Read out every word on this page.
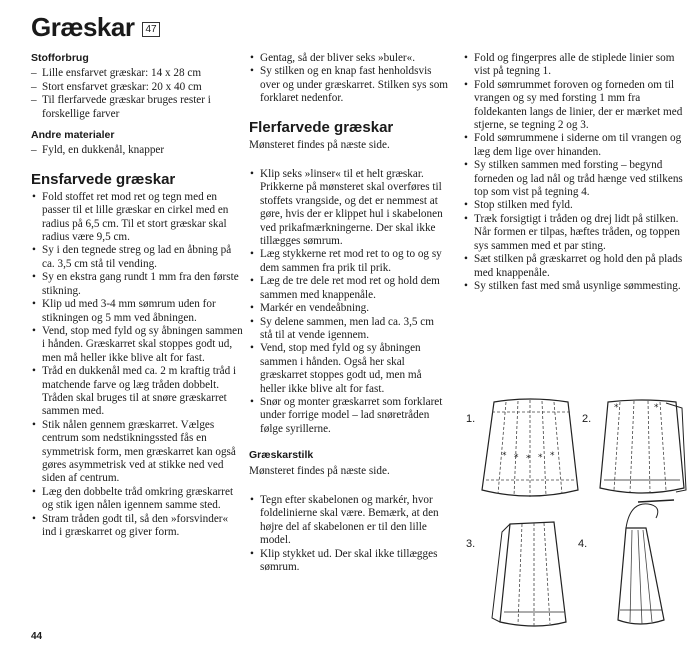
Græskar	47
Stofforbrug
– Lille ensfarvet græskar: 14 x 28 cm
– Stort ensfarvet græskar: 20 x 40 cm
– Til flerfarvede græskar bruges rester i forskellige farver
Andre materialer
– Fyld, en dukkenål, knapper
Ensfarvede græskar
• Fold stoffet ret mod ret og tegn med en passer til et lille græskar en cirkel med en radius på 6,5 cm. Til et stort græskar skal radius være 9,5 cm.
• Sy i den tegnede streg og lad en åbning på ca. 3,5 cm stå til vending.
• Sy en ekstra gang rundt 1 mm fra den første stikning.
• Klip ud med 3-4 mm sømrum uden for stikningen og 5 mm ved åbningen.
• Vend, stop med fyld og sy åbningen sammen i hånden. Græskarret skal stoppes godt ud, men må heller ikke blive alt for fast.
• Tråd en dukkenål med ca. 2 m kraftig tråd i matchende farve og læg tråden dobbelt. Tråden skal bruges til at snøre græskarret sammen med.
• Stik nålen gennem græskarret. Vælges centrum som nedstikningssted fås en symmetrisk form, men græskarret kan også gøres asymmetrisk ved at stikke ned ved siden af centrum.
• Læg den dobbelte tråd omkring græskarret og stik igen nålen igennem samme sted.
• Stram tråden godt til, så den »forsvinder« ind i græskarret og giver form.
• Gentag, så der bliver seks »buler«.
• Sy stilken og en knap fast henholdsvis over og under græskarret. Stilken sys som forklaret nedenfor.
Flerfarvede græskar
Mønsteret findes på næste side.
• Klip seks »linser« til et helt græskar. Prikkerne på mønsteret skal overføres til stoffets vrangside, og det er nemmest at gøre, hvis der er klippet hul i skabelonen ved prikafmærkningerne. Der skal ikke tillægges sømrum.
• Læg stykkerne ret mod ret to og to og sy dem sammen fra prik til prik.
• Læg de tre dele ret mod ret og hold dem sammen med knappenåle.
• Markér en vendeåbning.
• Sy delene sammen, men lad ca. 3,5 cm stå til at vende igennem.
• Vend, stop med fyld og sy åbningen sammen i hånden. Også her skal græskarret stoppes godt ud, men må heller ikke blive alt for fast.
• Snør og monter græskarret som forklaret under forrige model – lad snøretråden følge syrillerne.
Græskarstilk
Mønsteret findes på næste side.
• Tegn efter skabelonen og markér, hvor foldelinierne skal være. Bemærk, at den højre del af skabelonen er til den lille model.
• Klip stykket ud. Der skal ikke tillægges sømrum.
• Fold og fingerpres alle de stiplede linier som vist på tegning 1.
• Fold sømrummet foroven og forneden om til vrangen og sy med forsting 1 mm fra foldekanten langs de linier, der er mærket med stjerne, se tegning 2 og 3.
• Fold sømrummene i siderne om til vrangen og læg dem lige over hinanden.
• Sy stilken sammen med forsting – begynd forneden og lad nål og tråd hænge ved stilkens top som vist på tegning 4.
• Stop stilken med fyld.
• Træk forsigtigt i tråden og drej lidt på stilken. Når formen er tilpas, hæftes tråden, og toppen sys sammen med et par sting.
• Sæt stilken på græskarret og hold den på plads med knappenåle.
• Sy stilken fast med små usynlige sømmesting.
1.
* * * * *
2.
*	*
3.	4.
44
